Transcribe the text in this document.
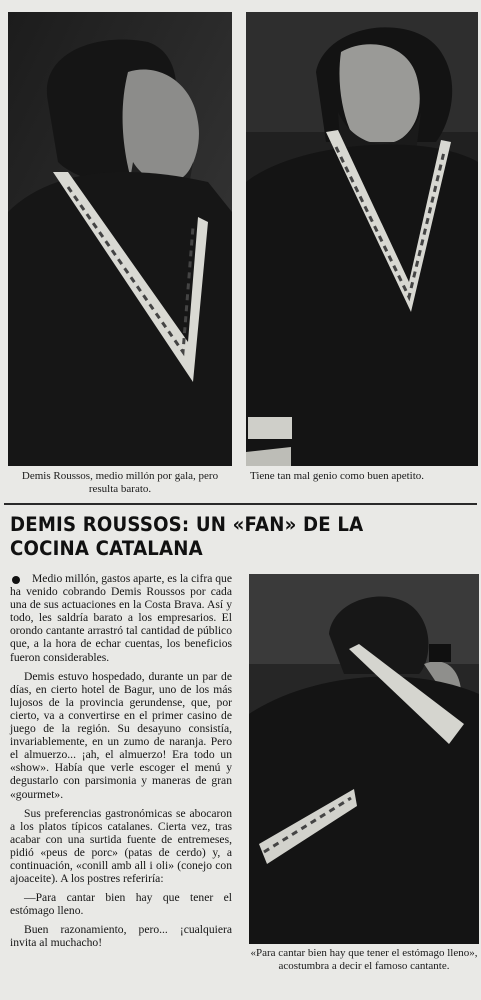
Demis Roussos, medio millón por gala, pero resulta barato.
Tiene tan mal genio como buen apetito.
DEMIS ROUSSOS: UN «FAN» DE LA COCINA CATALANA

Medio millón, gastos aparte, es la cifra que ha venido cobrando Demis Roussos por cada una de sus actuaciones en la Costa Brava. Así y todo, les saldría barato a los empresarios. El orondo cantante arrastró tal cantidad de público que, a la hora de echar cuentas, los beneficios fueron considerables.

Demis estuvo hospedado, durante un par de días, en cierto hotel de Bagur, uno de los más lujosos de la provincia gerundense, que, por cierto, va a convertirse en el primer casino de juego de la región. Su desayuno consistía, invariablemente, en un zumo de naranja. Pero el almuerzo... ¡ah, el almuerzo! Era todo un «show». Había que verle escoger el menú y degustarlo con parsimonia y maneras de gran «gourmet».

Sus preferencias gastronómicas se abocaron a los platos típicos catalanes. Cierta vez, tras acabar con una surtida fuente de entremeses, pidió «peus de porc» (patas de cerdo) y, a continuación, «conill amb all i oli» (conejo con ajoaceite). A los postres referiría:

—Para cantar bien hay que tener el estómago lleno.

Buen razonamiento, pero... ¡cualquiera invita al muchacho!

«Para cantar bien hay que tener el estómago lleno», acostumbra a decir el famoso cantante.
